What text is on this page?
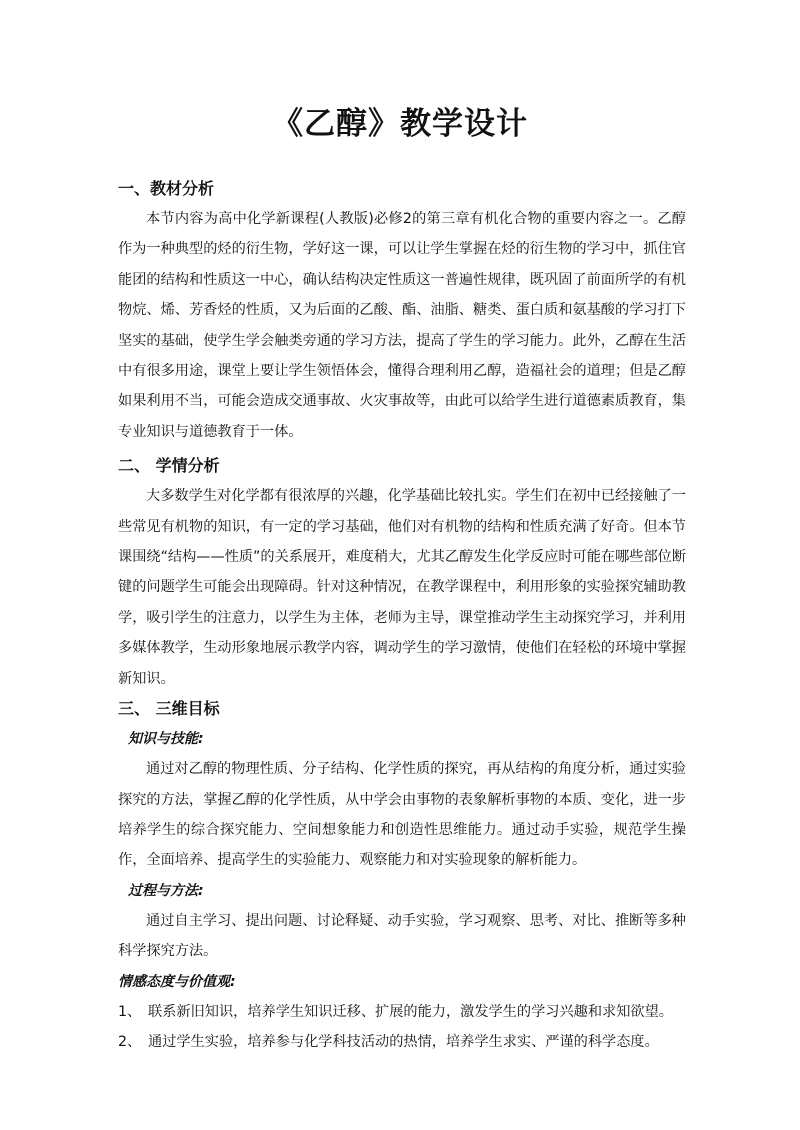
《乙醇》教学设计
一、教材分析

本节内容为高中化学新课程(人教版)必修2的第三章有机化合物的重要内容之一。乙醇作为一种典型的烃的衍生物，学好这一课，可以让学生掌握在烃的衍生物的学习中，抓住官能团的结构和性质这一中心，确认结构决定性质这一普遍性规律，既巩固了前面所学的有机物烷、烯、芳香烃的性质，又为后面的乙酸、酯、油脂、糖类、蛋白质和氨基酸的学习打下坚实的基础，使学生学会触类旁通的学习方法，提高了学生的学习能力。此外，乙醇在生活中有很多用途，课堂上要让学生领悟体会，懂得合理利用乙醇，造福社会的道理；但是乙醇如果利用不当，可能会造成交通事故、火灾事故等，由此可以给学生进行道德素质教育，集专业知识与道德教育于一体。

二、 学情分析

大多数学生对化学都有很浓厚的兴趣，化学基础比较扎实。学生们在初中已经接触了一些常见有机物的知识，有一定的学习基础，他们对有机物的结构和性质充满了好奇。但本节课围绕“结构——性质”的关系展开，难度稍大，尤其乙醇发生化学反应时可能在哪些部位断键的问题学生可能会出现障碍。针对这种情况，在教学课程中，利用形象的实验探究辅助教学，吸引学生的注意力，以学生为主体，老师为主导，课堂推动学生主动探究学习，并利用多媒体教学，生动形象地展示教学内容，调动学生的学习激情，使他们在轻松的环境中掌握新知识。

三、 三维目标

知识与技能:

通过对乙醇的物理性质、分子结构、化学性质的探究，再从结构的角度分析，通过实验探究的方法，掌握乙醇的化学性质，从中学会由事物的表象解析事物的本质、变化，进一步培养学生的综合探究能力、空间想象能力和创造性思维能力。通过动手实验，规范学生操作，全面培养、提高学生的实验能力、观察能力和对实验现象的解析能力。

过程与方法:

通过自主学习、提出问题、讨论释疑、动手实验，学习观察、思考、对比、推断等多种科学探究方法。

情感态度与价值观:

1、 联系新旧知识，培养学生知识迁移、扩展的能力，激发学生的学习兴趣和求知欲望。
2、 通过学生实验，培养参与化学科技活动的热情，培养学生求实、严谨的科学态度。
